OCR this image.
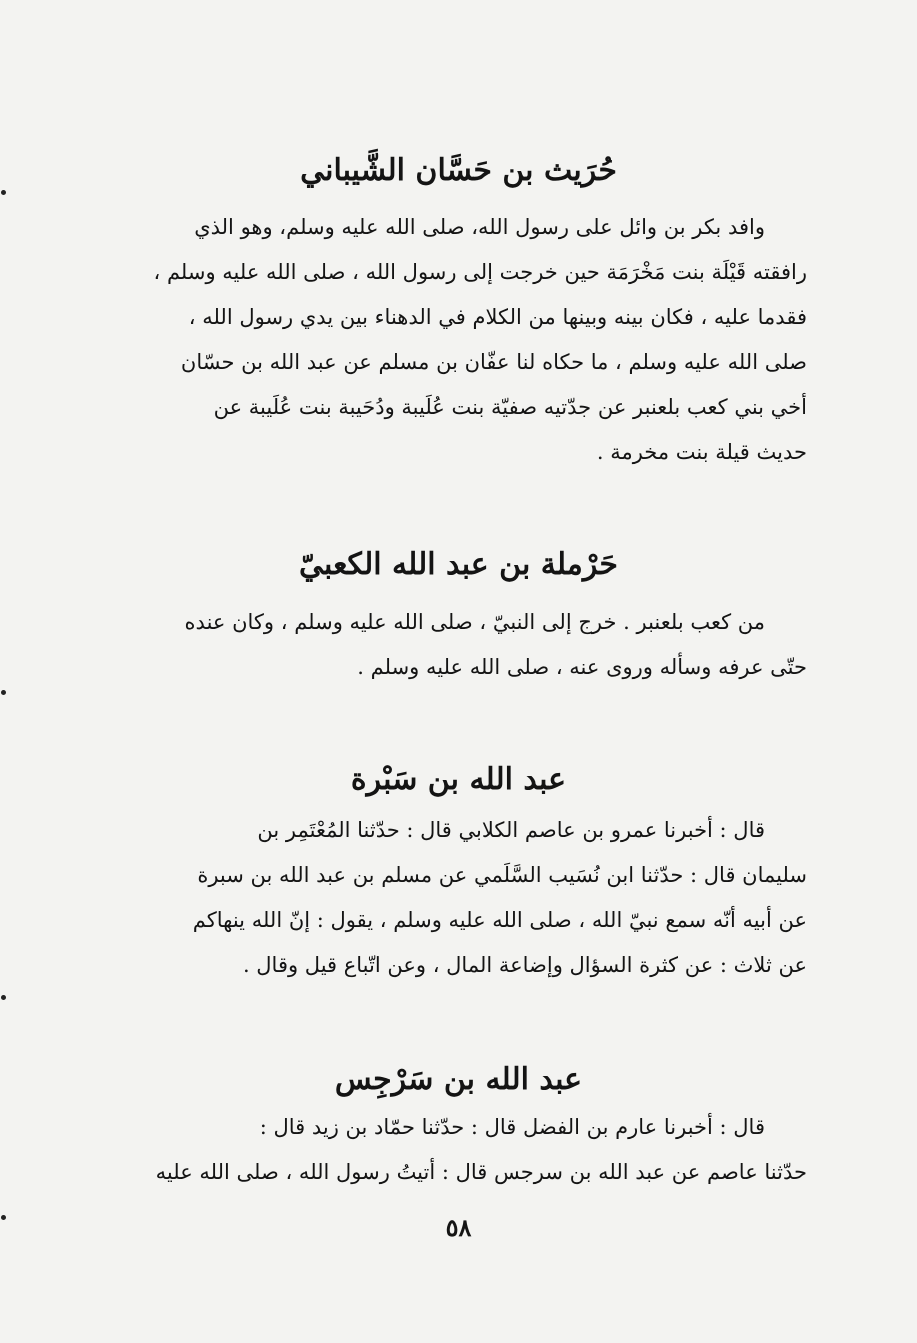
حُرَيث بن حَسَّان الشَّيباني
وافد بكر بن وائل على رسول الله، صلى الله عليه وسلم، وهو الذي
رافقته قَيْلَة بنت مَخْرَمَة حين خرجت إلى رسول الله ، صلى الله عليه وسلم ،
فقدما عليه ، فكان بينه وبينها من الكلام في الدهناء بين يدي رسول الله ،
صلى الله عليه وسلم ، ما حكاه لنا عفّان بن مسلم عن عبد الله بن حسّان
أخي بني كعب بلعنبر عن جدّتيه صفيّة بنت عُلَيبة ودُحَيبة بنت عُلَيبة عن
حديث قيلة بنت مخرمة .
حَرْملة بن عبد الله الكعبيّ
من كعب بلعنبر . خرج إلى النبيّ ، صلى الله عليه وسلم ، وكان عنده
حتّى عرفه وسأله وروى عنه ، صلى الله عليه وسلم .
عبد الله بن سَبْرة
قال : أخبرنا عمرو بن عاصم الكلابي قال : حدّثنا المُعْتَمِر بن
سليمان قال : حدّثنا ابن نُسَيب السَّلَمي عن مسلم بن عبد الله بن سبرة
عن أبيه أنّه سمع نبيّ الله ، صلى الله عليه وسلم ، يقول : إنّ الله ينهاكم
عن ثلاث : عن كثرة السؤال وإضاعة المال ، وعن اتّباع قيل وقال .
عبد الله بن سَرْجِس
قال : أخبرنا عارم بن الفضل قال : حدّثنا حمّاد بن زيد قال :
حدّثنا عاصم عن عبد الله بن سرجس قال : أتيتُ رسول الله ، صلى الله عليه
٥٨
